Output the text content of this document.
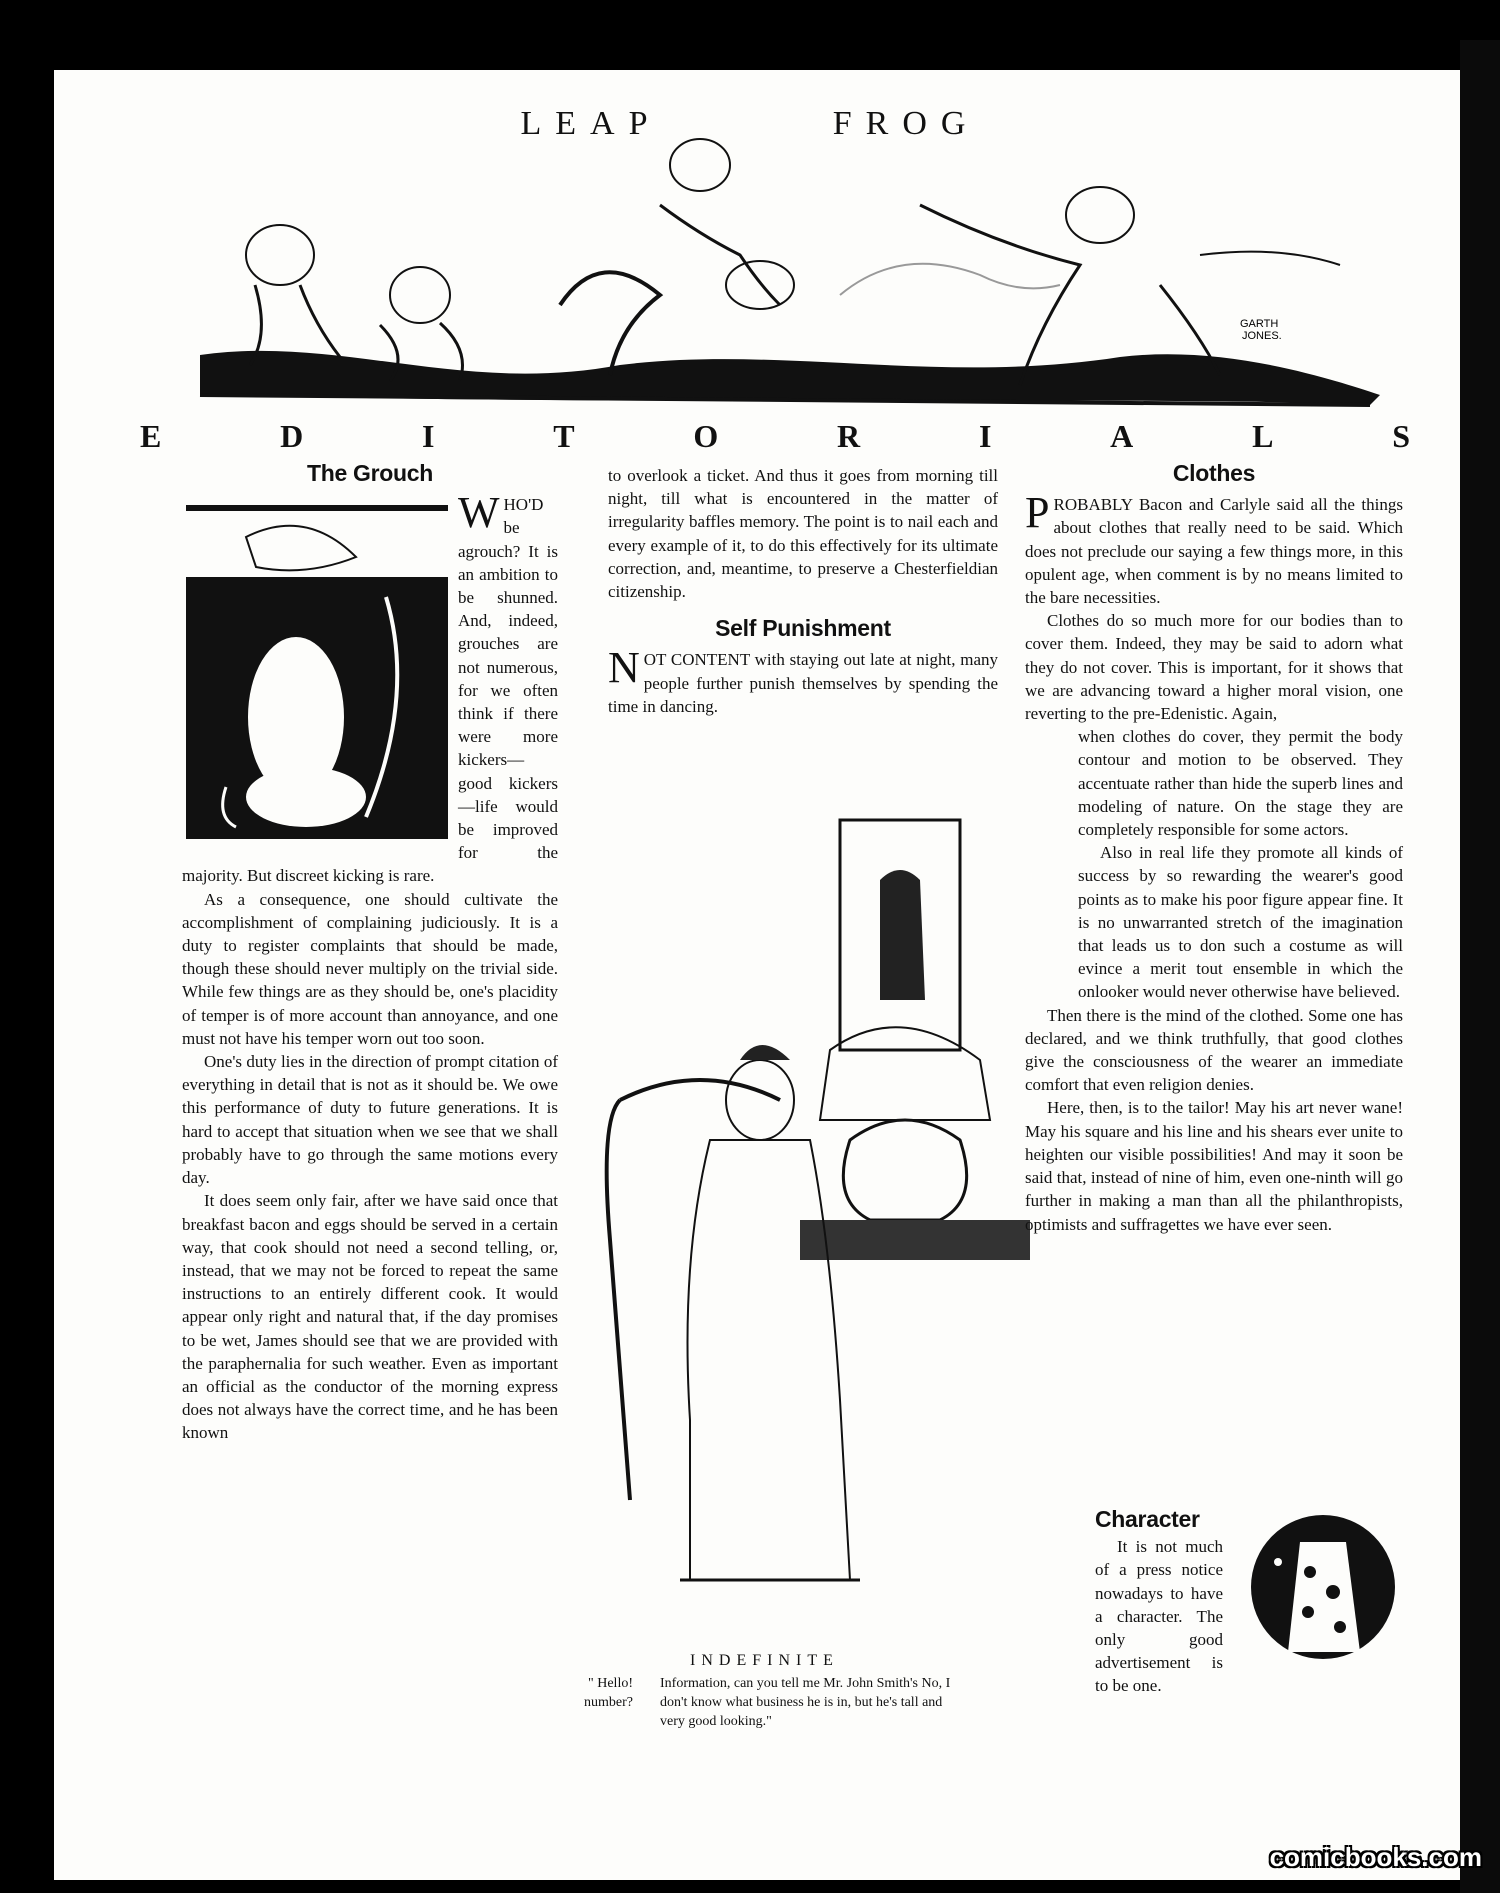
GARTH
JONES.
LEAP	FROG
E	D	I	T	O	R	I	A	L	S
The Grouch

WHO'D be agrouch? It is an ambition to be shunned. And, indeed, grouches are not numerous, for we often think if there were more kickers—good kickers—life would be improved for	the majority. But discreet kicking is rare.

As a consequence, one should cultivate the accomplishment of complaining judiciously. It is a duty to register complaints that should be made, though these should never multiply on the trivial side. While few things are as they should be, one's placidity of temper is of more account than annoyance, and one must not have his temper worn out too soon.

One's duty lies in the direction of prompt citation of everything in detail that is not as it should be. We owe this performance of duty to future generations. It is hard to accept that situation when we see that we shall probably have to go through the same motions every day.

It does seem only fair, after we have said once that breakfast bacon and eggs should be served in a certain way, that cook should not need a second telling, or, instead, that we may not be forced to repeat the same instructions to an entirely different cook. It would appear only right and natural that, if the day promises to be wet, James should see that we are provided with the paraphernalia for such weather. Even as important an official as the conductor of the morning express does not always have the correct time, and he has been known

to overlook a ticket. And thus it goes from morning till night, till what is encountered in the matter of irregularity baffles memory. The point is to nail each and every example of it, to do this effectively for its ultimate correction, and, meantime, to preserve a Chesterfieldian citizenship.

Self Punishment

NOT CONTENT with staying out late at night, many people further punish themselves by spending the time in dancing.

INDEFINITE
" Hello! number?
Information, can you tell me Mr. John Smith's No, I don't know what business he is in, but he's tall and very good looking."
Clothes

PROBABLY Bacon and Carlyle said all the things about clothes that really need to be said. Which does not preclude our saying a few things more, in this opulent age, when comment is by no means limited to the bare necessities.

Clothes do so much more for our bodies than to cover them. Indeed, they may be said to adorn what they do not cover. This is important, for it shows that we are advancing toward a higher moral vision, one reverting to the pre-Edenistic. Again,

when clothes do cover, they permit the body contour and motion to be observed. They accentuate rather than hide the superb lines and modeling of nature. On the stage they are completely responsible for some actors.

Also in real life they promote all kinds of success by so rewarding the wearer's good points as to make his poor figure appear fine. It is no unwarranted stretch of the imagination that leads us to don such a costume as will evince a merit tout ensemble in which the onlooker would never otherwise have believed.

Then there is the mind of the clothed. Some one has declared, and we think truthfully, that good clothes give the consciousness of the wearer an immediate comfort that even religion denies.

Here, then, is to the tailor! May his art never wane! May his square and his line and his shears ever unite to heighten our visible possibilities! And may it soon be said that, instead of nine of him, even one-ninth will go further in making a man than all the philanthropists, optimists and suffragettes we have ever seen.

Character

It is not much of a press notice nowadays to have a character. The only good advertisement is to be one.

comicbooks.com
